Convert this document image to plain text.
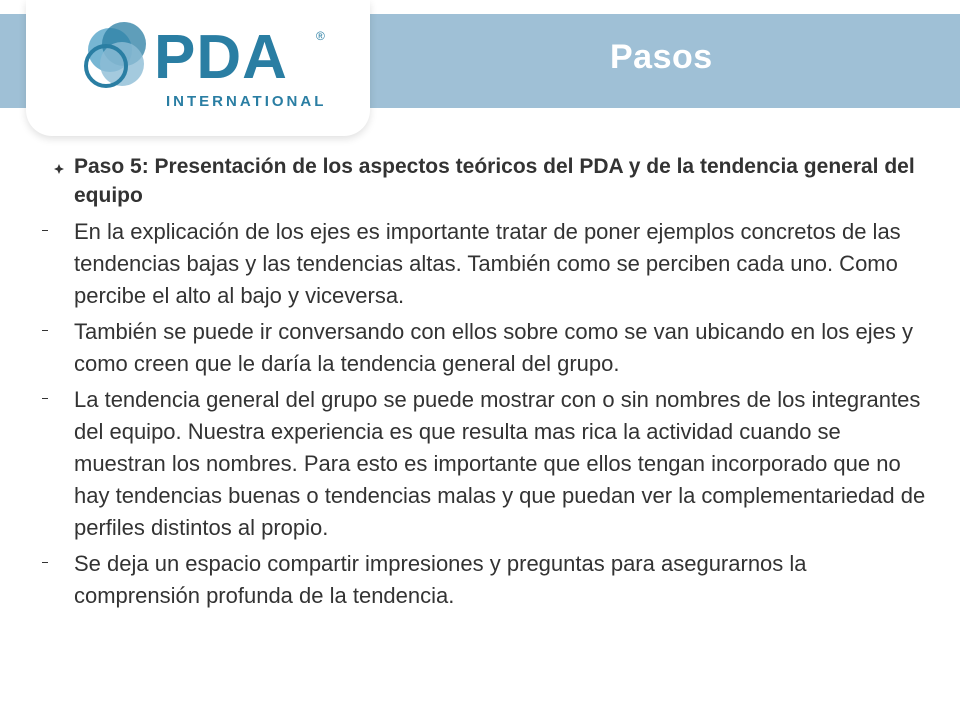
PDA ®
INTERNATIONAL
Pasos
Paso 5: Presentación de los aspectos teóricos del PDA y de la tendencia general del equipo
En la explicación de los ejes es importante tratar de poner ejemplos concretos de las tendencias bajas y las tendencias altas. También como se perciben cada uno. Como percibe el alto al bajo y viceversa.
También se puede ir conversando con ellos sobre como se van ubicando en los ejes y como creen que le daría la tendencia general del grupo.
La tendencia general del grupo se puede mostrar con o sin nombres de los integrantes del equipo. Nuestra experiencia es que resulta mas rica la actividad cuando se muestran los nombres. Para esto es importante que ellos tengan incorporado que no hay tendencias buenas o tendencias malas y que puedan ver la complementariedad de perfiles distintos al propio.
Se deja un espacio compartir impresiones y preguntas para asegurarnos la comprensión profunda de la tendencia.
